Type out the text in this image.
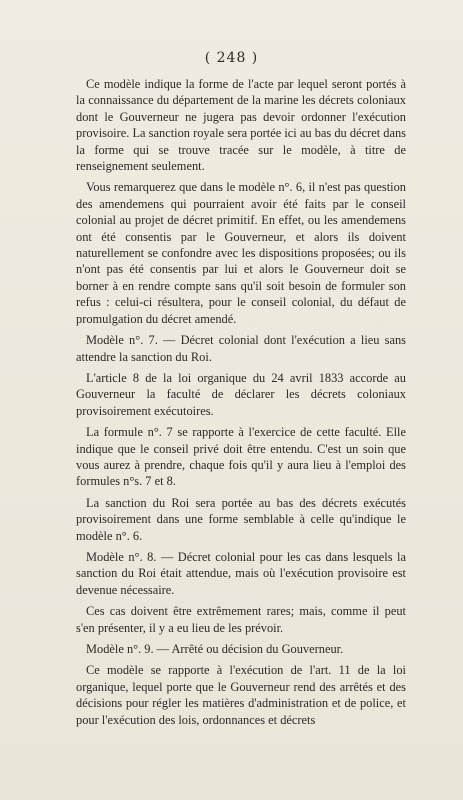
( 248 )

Ce modèle indique la forme de l'acte par lequel seront portés à la connaissance du département de la marine les décrets coloniaux dont le Gouverneur ne jugera pas devoir ordonner l'exécution provisoire. La sanction royale sera portée ici au bas du décret dans la forme qui se trouve tracée sur le modèle, à titre de renseignement seulement.

Vous remarquerez que dans le modèle n°. 6, il n'est pas question des amendemens qui pourraient avoir été faits par le conseil colonial au projet de décret primitif. En effet, ou les amendemens ont été consentis par le Gouverneur, et alors ils doivent naturellement se confondre avec les dispositions proposées; ou ils n'ont pas été consentis par lui et alors le Gouverneur doit se borner à en rendre compte sans qu'il soit besoin de formuler son refus : celui-ci résultera, pour le conseil colonial, du défaut de promulgation du décret amendé.

Modèle n°. 7. — Décret colonial dont l'exécution a lieu sans attendre la sanction du Roi.

L'article 8 de la loi organique du 24 avril 1833 accorde au Gouverneur la faculté de déclarer les décrets coloniaux provisoirement exécutoires.

La formule n°. 7 se rapporte à l'exercice de cette faculté. Elle indique que le conseil privé doit être entendu. C'est un soin que vous aurez à prendre, chaque fois qu'il y aura lieu à l'emploi des formules n°s. 7 et 8.

La sanction du Roi sera portée au bas des décrets exécutés provisoirement dans une forme semblable à celle qu'indique le modèle n°. 6.

Modèle n°. 8. — Décret colonial pour les cas dans lesquels la sanction du Roi était attendue, mais où l'exécution provisoire est devenue nécessaire.

Ces cas doivent être extrêmement rares; mais, comme il peut s'en présenter, il y a eu lieu de les prévoir.

Modèle n°. 9. — Arrêté ou décision du Gouverneur.

Ce modèle se rapporte à l'exécution de l'art. 11 de la loi organique, lequel porte que le Gouverneur rend des arrêtés et des décisions pour régler les matières d'administration et de police, et pour l'exécution des lois, ordonnances et décrets
